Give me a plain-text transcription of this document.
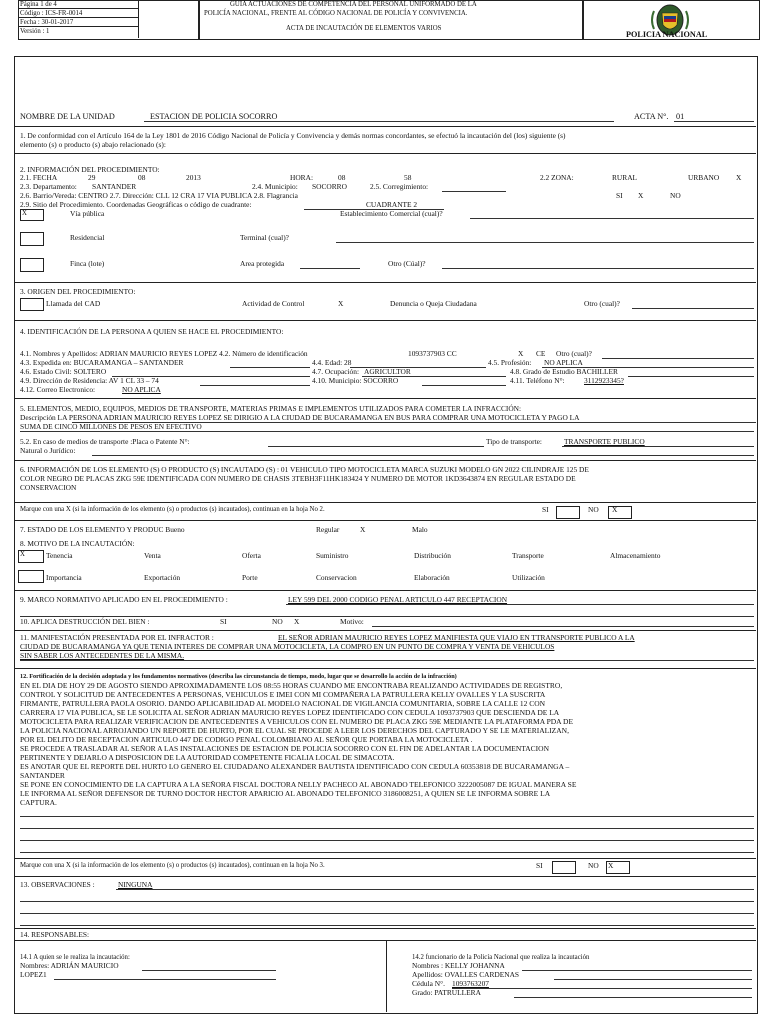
Página 1 de 4
Código : ICS-FR-0014
Fecha : 30-01-2017
Versión : 1
GUÍA ACTUACIONES DE COMPETENCIA DEL PERSONAL UNIFORMADO DE LA
POLICÍA NACIONAL, FRENTE AL CÓDIGO NACIONAL DE POLICÍA Y CONVIVENCIA.
ACTA DE INCAUTACIÓN DE ELEMENTOS VARIOS
POLICIA NACIONAL
NOMBRE DE LA UNIDAD	ESTACION DE POLICIA SOCORRO	ACTA N°. 01
1. De conformidad con el Artículo 164 de la Ley 1801 de 2016 Código Nacional de Policía y Convivencia y demás normas concordantes, se efectuó la incautación del (los) siguiente (s)
elemento (s) o producto (s) abajo relacionado (s):
2. INFORMACIÓN DEL PROCEDIMIENTO:
2.1. FECHA	29	08	2013	HORA:	08	58	2.2 ZONA:	RURAL	URBANO X
2.3. Departamento: SANTANDER	2.4. Municipio: SOCORRO	2.5. Corregimiento:
2.6. Barrio/Vereda: CENTRO 2.7. Dirección: CLL 12 CRA 17 VIA PUBLICA 2.8. Flagrancia	SI X	NO
2.9. Sitio del Procedimiento. Coordenadas Geográficas o código de cuadrante:	CUADRANTE 2
X	Vía pública	Establecimiento Comercial (cual)?
Residencial	Terminal (cual)?
Finca (lote)	Area protegida	Otro (Cúal)?
3. ORIGEN DEL PROCEDIMIENTO:
Llamada del CAD	Actividad de Control	X	Denuncia o Queja Ciudadana	Otro (cual)?
4. IDENTIFICACIÓN DE LA PERSONA A QUIEN SE HACE EL PROCEDIMIENTO:
4.1. Nombres y Apellidos: ADRIAN MAURICIO REYES LOPEZ 4.2. Número de identificación	1093737903 CC	X CE Otro (cual)?
4.3. Expedida en: BUCARAMANGA – SANTANDER	4.4. Edad: 28	4.5. Profesión: NO APLICA
4.6. Estado Civil: SOLTERO	4.7. Ocupación: AGRICULTOR	4.8. Grado de Estudio BACHILLER
4.9. Dirección de Residencia: AV 1 CL 33 – 74	4.10. Municipio: SOCORRO	4.11. Teléfono N°:	3112923345?
4.12. Correo Electronico:	NO APLICA
5. ELEMENTOS, MEDIO, EQUIPOS, MEDIOS DE TRANSPORTE, MATERIAS PRIMAS E IMPLEMENTOS UTILIZADOS PARA COMETER LA INFRACCIÓN:
Descripción LA PERSONA ADRIAN MAURICIO REYES LOPEZ SE DIRIGIO A LA CIUDAD DE BUCARAMANGA EN BUS PARA COMPRAR UNA MOTOCICLETA Y PAGO LA
SUMA DE CINCO MILLONES DE PESOS EN EFECTIVO
5.2. En caso de medios de transporte :Placa o Patente N°:	Tipo de transporte:	TRANSPORTE PUBLICO
Natural o Jurídico:
6. INFORMACIÓN DE LOS ELEMENTO (S) O PRODUCTO (S) INCAUTADO (S) : 01 VEHICULO TIPO MOTOCICLETA MARCA SUZUKI MODELO GN 2022 CILINDRAJE 125 DE
COLOR NEGRO DE PLACAS ZKG 59E IDENTIFICADA CON NUMERO DE CHASIS 3TEBH3F11HK183424 Y NUMERO DE MOTOR 1KD3643874 EN REGULAR ESTADO DE
CONSERVACION
Marque con una X (si la información de los elemento (s) o productos (s) incautados), continuan en la hoja No 2.	SI	NO X
7. ESTADO DE LOS ELEMENTO Y PRODUC Bueno	Regular	X	Malo
8. MOTIVO DE LA INCAUTACIÓN:
X	Tenencia	Venta	Oferta	Suministro	Distribución	Transporte	Almacenamiento
Importancia	Exportación	Porte	Conservacion	Elaboración	Utilización
9. MARCO NORMATIVO APLICADO EN EL PROCEDIMIENTO :	LEY 599 DEL 2000 CODIGO PENAL ARTICULO 447 RECEPTACION
10. APLICA DESTRUCCIÓN DEL BIEN :	SI	NO X	Motivo:
11. MANIFESTACIÓN PRESENTADA POR EL INFRACTOR :	EL SEÑOR ADRIAN MAURICIO REYES LOPEZ MANIFIESTA QUE VIAJO EN TTRANSPORTE PUBLICO A LA
CIUDAD DE BUCARAMANGA YA QUE TENIA INTERES DE COMPRAR UNA MOTOCICLETA, LA COMPRO EN UN PUNTO DE COMPRA Y VENTA DE VEHICULOS
SIN SABER LOS ANTECEDENTES DE LA MISMA.
12. Fortificación de la decisión adoptada y los fundamentos normativos (describa las circunstancia de tiempo, modo, lugar que se desarrollo la acción de la infracción)
EN EL DIA DE HOY 29 DE AGOSTO SIENDO APROXIMADAMENTE LOS 08:55 HORAS CUANDO ME ENCONTRABA REALIZANDO ACTIVIDADES DE REGISTRO,
CONTROL Y SOLICITUD DE ANTECEDENTES A PERSONAS, VEHICULOS E IMEI CON MI COMPAÑERA LA PATRULLERA KELLY OVALLES Y LA SUSCRITA
FIRMANTE, PATRULLERA PAOLA OSORIO. DANDO APLICABILIDAD AL MODELO NACIONAL DE VIGILANCIA COMUNITARIA, SOBRE LA CALLE 12 CON
CARRERA 17 VIA PUBLICA, SE LE SOLICITA AL SEÑOR ADRIAN MAURICIO REYES LOPEZ IDENTIFICADO CON CEDULA 1093737903 QUE DESCIENDA DE LA
MOTOCICLETA PARA REALIZAR VERIFICACION DE ANTECEDENTES A VEHICULOS CON EL NUMERO DE PLACA ZKG 59E MEDIANTE LA PLATAFORMA PDA DE
LA POLICIA NACIONAL ARROJANDO UN REPORTE DE HURTO, POR EL CUAL SE PROCEDE A LEER LOS DERECHOS DEL CAPTURADO Y SE LE MATERIALIZAN,
POR EL DELITO DE RECEPTACION ARTICULO 447 DE CODIGO PENAL COLOMBIANO AL SEÑOR QUE PORTABA LA MOTOCICLETA .
SE PROCEDE A TRASLADAR AL SEÑOR A LAS INSTALACIONES DE ESTACION DE POLICIA SOCORRO CON EL FIN DE ADELANTAR LA DOCUMENTACION
PERTINENTE Y DEJARLO A DISPOSICION DE LA AUTORIDAD COMPETENTE FICALIA LOCAL DE SIMACOTA.
ES ANOTAR QUE EL REPORTE DEL HURTO LO GENERO EL CIUDADANO ALEXANDER BAUTISTA IDENTIFICADO CON CEDULA 60353818 DE BUCARAMANGA –
SANTANDER
SE PONE EN CONOCIMIENTO DE LA CAPTURA A LA SEÑORA FISCAL DOCTORA NELLY PACHECO AL ABONADO TELEFONICO 3222005087 DE IGUAL MANERA SE
LE INFORMA AL SEÑOR DEFENSOR DE TURNO DOCTOR HECTOR APARICIO AL ABONADO TELEFONICO 3186008251, A QUIEN SE LE INFORMA SOBRE LA
CAPTURA.
Marque con una X (si la información de los elemento (s) o productos (s) incautados), continuan en la hoja No 3.	SI	NO X
13. OBSERVACIONES :	NINGUNA
14. RESPONSABLES:
14.1 A quien se le realiza la incautación:
Nombres: ADRIÁN MAURICIO
LOPEZ1
14.2 funcionario de la Policía Nacional que realiza la incautación
Nombres : KELLY JOHANNA
Apellidos: OVALLES CARDENAS
Cédula N°. 1093763207
Grado: PATRULLERA
